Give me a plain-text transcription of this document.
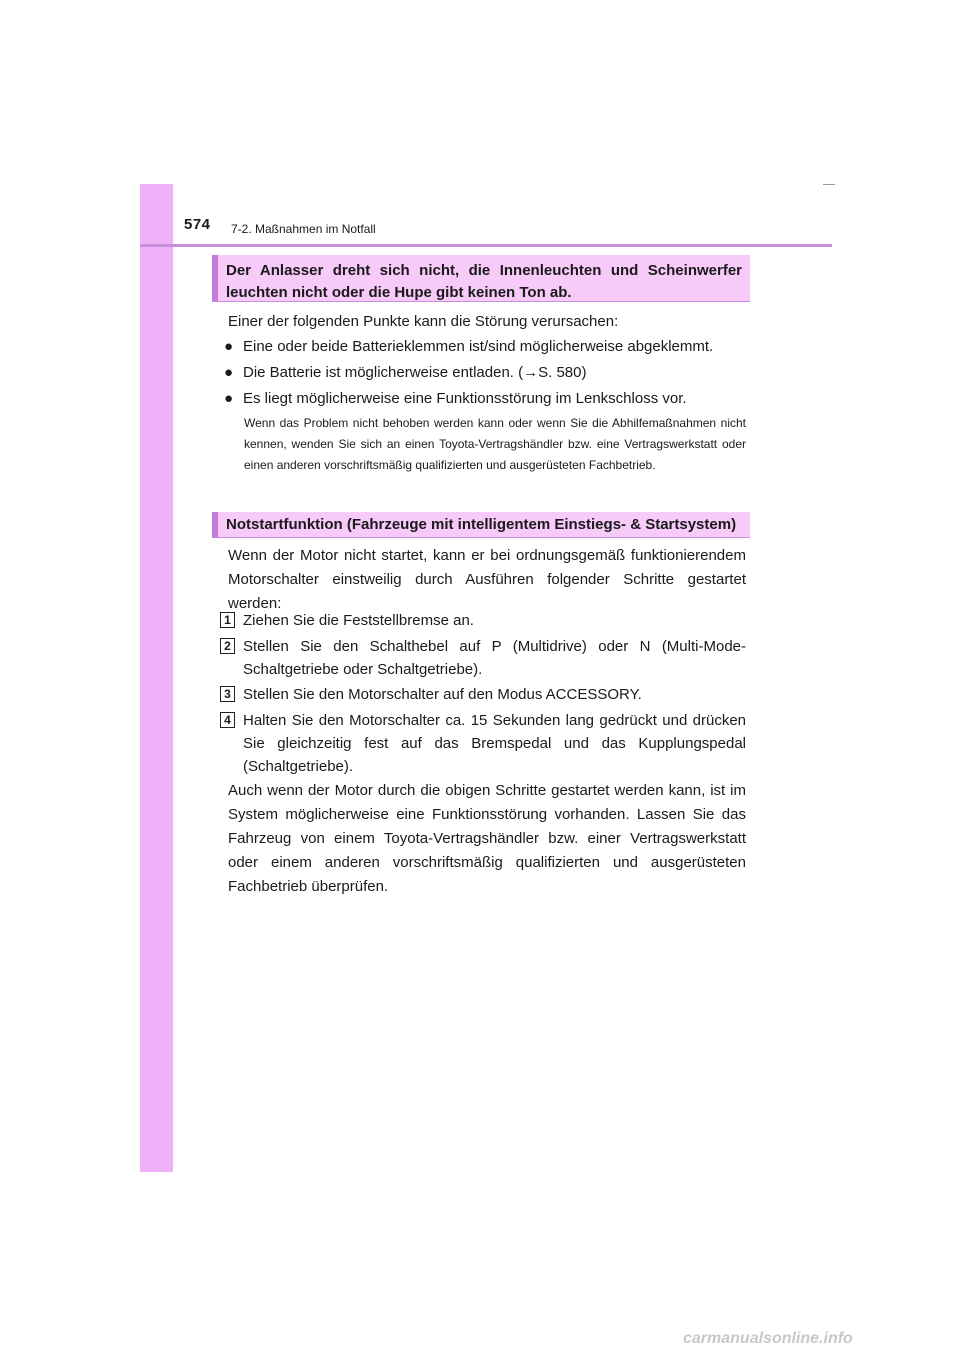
574 7-2. Maßnahmen im Notfall
Der Anlasser dreht sich nicht, die Innenleuchten und Scheinwerfer leuchten nicht oder die Hupe gibt keinen Ton ab.
Einer der folgenden Punkte kann die Störung verursachen:
● Eine oder beide Batterieklemmen ist/sind möglicherweise abgeklemmt.
● Die Batterie ist möglicherweise entladen. (→S. 580)
● Es liegt möglicherweise eine Funktionsstörung im Lenkschloss vor.
Wenn das Problem nicht behoben werden kann oder wenn Sie die Abhilfemaßnahmen nicht kennen, wenden Sie sich an einen Toyota-Vertragshändler bzw. eine Vertragswerkstatt oder einen anderen vorschriftsmäßig qualifizierten und ausgerüsteten Fachbetrieb.
Notstartfunktion (Fahrzeuge mit intelligentem Einstiegs- & Startsystem)
Wenn der Motor nicht startet, kann er bei ordnungsgemäß funktionierendem Motorschalter einstweilig durch Ausführen folgender Schritte gestartet werden:
1 Ziehen Sie die Feststellbremse an.
2 Stellen Sie den Schalthebel auf P (Multidrive) oder N (Multi-Mode-Schaltgetriebe oder Schaltgetriebe).
3 Stellen Sie den Motorschalter auf den Modus ACCESSORY.
4 Halten Sie den Motorschalter ca. 15 Sekunden lang gedrückt und drücken Sie gleichzeitig fest auf das Bremspedal und das Kupplungspedal (Schaltgetriebe).
Auch wenn der Motor durch die obigen Schritte gestartet werden kann, ist im System möglicherweise eine Funktionsstörung vorhanden. Lassen Sie das Fahrzeug von einem Toyota-Vertragshändler bzw. einer Vertragswerkstatt oder einem anderen vorschriftsmäßig qualifizierten und ausgerüsteten Fachbetrieb überprüfen.
carmanualsonline.info
